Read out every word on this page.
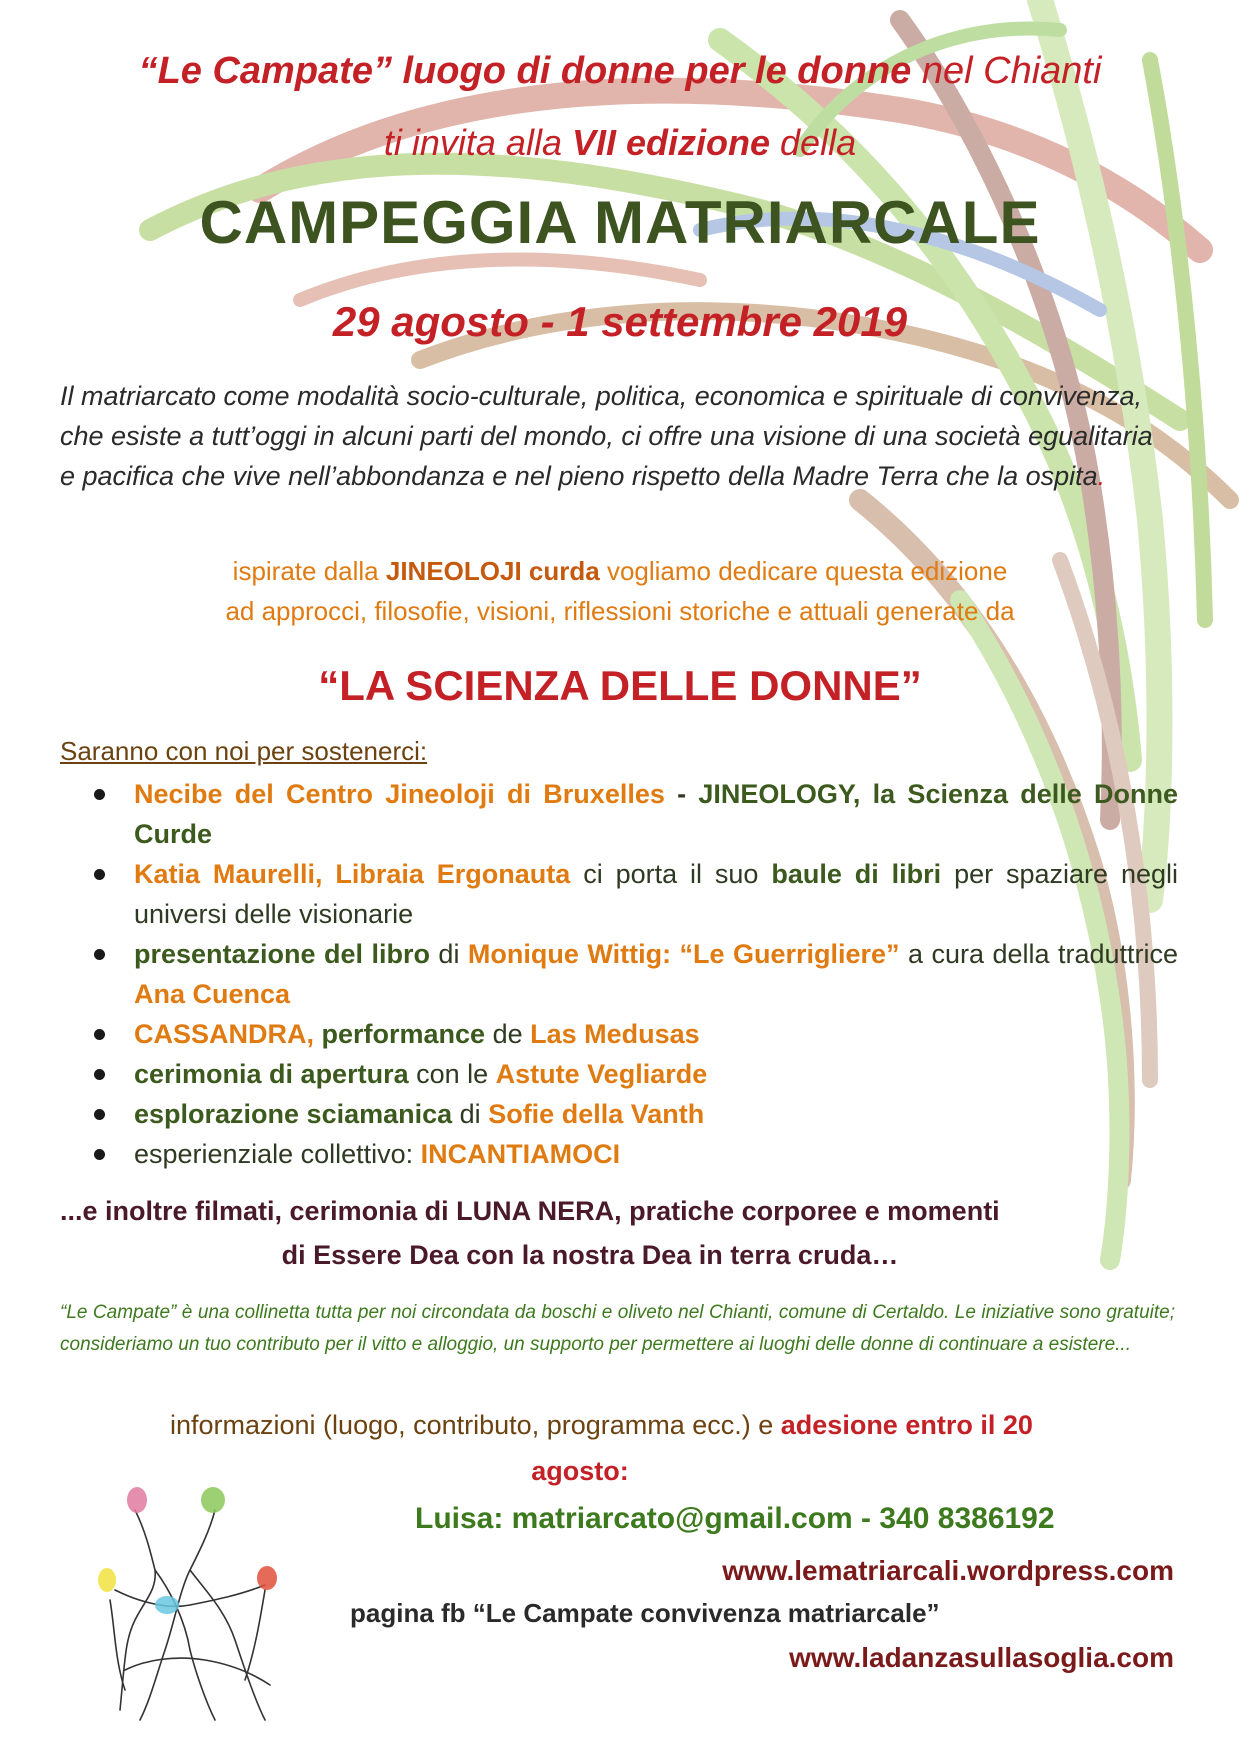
“Le Campate” luogo di donne per le donne nel Chianti
ti invita alla VII edizione della
CAMPEGGIA MATRIARCALE
29 agosto - 1 settembre 2019
Il matriarcato come modalità socio-culturale, politica, economica e spirituale di convivenza, che esiste a tutt’oggi in alcuni parti del mondo, ci offre una visione di una società egualitaria e pacifica che vive nell’abbondanza e nel pieno rispetto della Madre Terra che la ospita.
ispirate dalla JINEOLOJI curda vogliamo dedicare questa edizione
ad approcci, filosofie, visioni, riflessioni storiche e attuali generate da
“LA SCIENZA DELLE DONNE”
Saranno con noi per sostenerci:
Necibe del Centro Jineoloji di Bruxelles - JINEOLOGY, la Scienza delle Donne Curde
Katia Maurelli, Libraia Ergonauta ci porta il suo baule di libri per spaziare negli universi delle visionarie
presentazione del libro di Monique Wittig: “Le Guerrigliere” a cura della traduttrice Ana Cuenca
CASSANDRA, performance de Las Medusas
cerimonia di apertura con le Astute Vegliarde
esplorazione sciamanica di Sofie della Vanth
esperienziale collettivo: INCANTIAMOCI
...e inoltre filmati, cerimonia di LUNA NERA, pratiche corporee e momenti
di Essere Dea con la nostra Dea in terra cruda…
“Le Campate” è una collinetta tutta per noi circondata da boschi e oliveto nel Chianti, comune di Certaldo. Le iniziative sono gratuite; consideriamo un tuo contributo per il vitto e alloggio, un supporto per permettere ai luoghi delle donne di continuare a esistere...
informazioni (luogo, contributo, programma ecc.) e adesione entro il 20
agosto:
Luisa: matriarcato@gmail.com - 340 8386192
www.lematriarcali.wordpress.com
pagina fb “Le Campate convivenza matriarcale”
www.ladanzasullasoglia.com
